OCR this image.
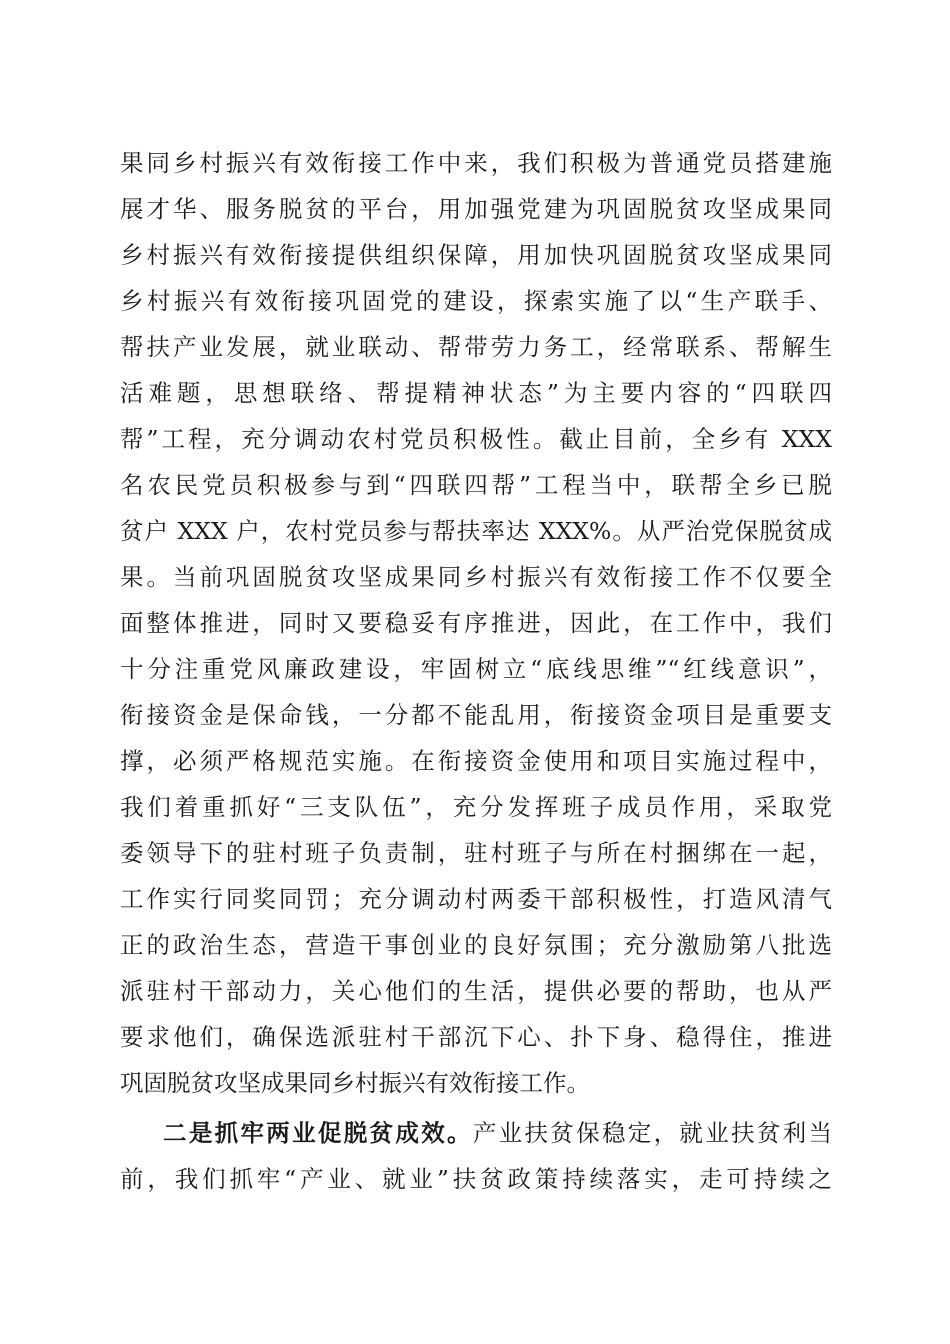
果同乡村振兴有效衔接工作中来，我们积极为普通党员搭建施
展才华、服务脱贫的平台，用加强党建为巩固脱贫攻坚成果同
乡村振兴有效衔接提供组织保障，用加快巩固脱贫攻坚成果同
乡村振兴有效衔接巩固党的建设，探索实施了以“生产联手、
帮扶产业发展，就业联动、帮带劳力务工，经常联系、帮解生
活难题，思想联络、帮提精神状态”为主要内容的“四联四
帮”工程，充分调动农村党员积极性。截止目前，全乡有 XXX
名农民党员积极参与到“四联四帮”工程当中，联帮全乡已脱
贫户 XXX 户，农村党员参与帮扶率达 XXX%。从严治党保脱贫成
果。当前巩固脱贫攻坚成果同乡村振兴有效衔接工作不仅要全
面整体推进，同时又要稳妥有序推进，因此，在工作中，我们
十分注重党风廉政建设，牢固树立“底线思维”“红线意识”，
衔接资金是保命钱，一分都不能乱用，衔接资金项目是重要支
撑，必须严格规范实施。在衔接资金使用和项目实施过程中，
我们着重抓好“三支队伍”，充分发挥班子成员作用，采取党
委领导下的驻村班子负责制，驻村班子与所在村捆绑在一起，
工作实行同奖同罚；充分调动村两委干部积极性，打造风清气
正的政治生态，营造干事创业的良好氛围；充分激励第八批选
派驻村干部动力，关心他们的生活，提供必要的帮助，也从严
要求他们，确保选派驻村干部沉下心、扑下身、稳得住，推进
巩固脱贫攻坚成果同乡村振兴有效衔接工作。
二是抓牢两业促脱贫成效。产业扶贫保稳定，就业扶贫利当
前，我们抓牢“产业、就业”扶贫政策持续落实，走可持续之
